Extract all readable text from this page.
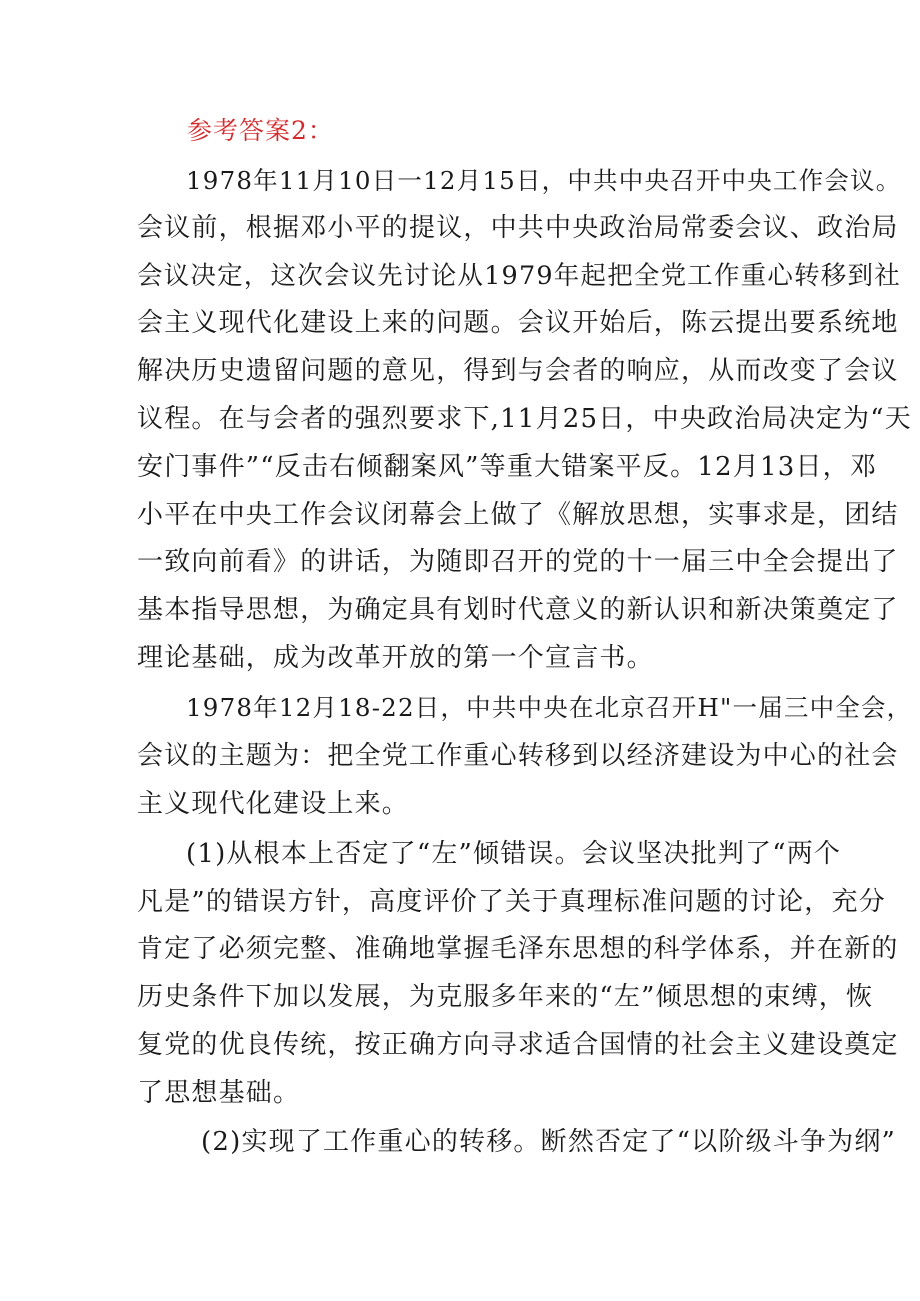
参考答案2：
1978年11月10日一12月15日，中共中央召开中央工作会议。
会议前，根据邓小平的提议，中共中央政治局常委会议、政治局
会议决定，这次会议先讨论从1979年起把全党工作重心转移到社
会主义现代化建设上来的问题。会议开始后，陈云提出要系统地
解决历史遗留问题的意见，得到与会者的响应，从而改变了会议
议程。在与会者的强烈要求下,11月25日，中央政治局决定为“天
安门事件”“反击右倾翻案风”等重大错案平反。12月13日，邓
小平在中央工作会议闭幕会上做了《解放思想，实事求是，团结
一致向前看》的讲话，为随即召开的党的十一届三中全会提出了
基本指导思想，为确定具有划时代意义的新认识和新决策奠定了
理论基础，成为改革开放的第一个宣言书。
1978年12月18-22日，中共中央在北京召开H"一届三中全会，
会议的主题为：把全党工作重心转移到以经济建设为中心的社会
主义现代化建设上来。
(1)从根本上否定了“左”倾错误。会议坚决批判了“两个
凡是”的错误方针，高度评价了关于真理标准问题的讨论，充分
肯定了必须完整、准确地掌握毛泽东思想的科学体系，并在新的
历史条件下加以发展，为克服多年来的“左”倾思想的束缚，恢
复党的优良传统，按正确方向寻求适合国情的社会主义建设奠定
了思想基础。
(2)实现了工作重心的转移。断然否定了“以阶级斗争为纲”
